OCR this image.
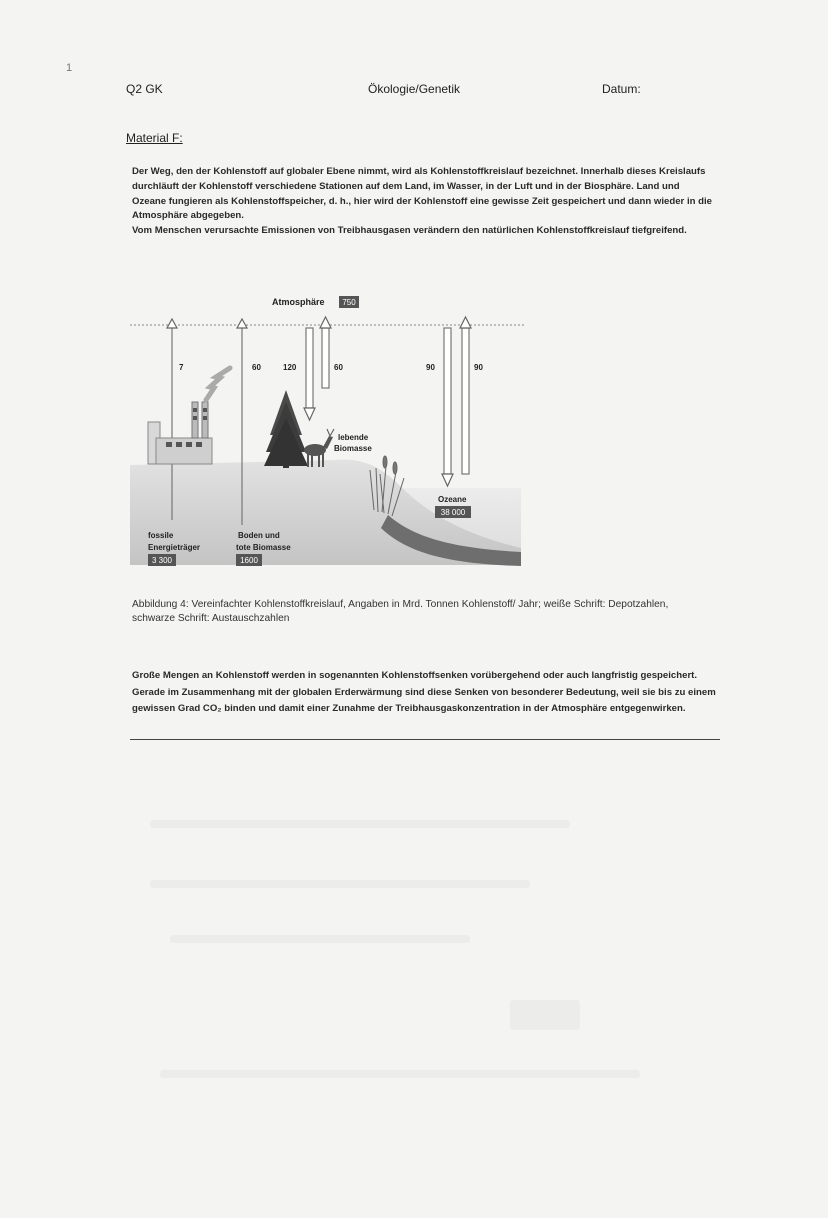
1
Q2 GK	Ökologie/Genetik	Datum:
Material F:

Der Weg, den der Kohlenstoff auf globaler Ebene nimmt, wird als Kohlenstoffkreislauf bezeichnet. Innerhalb dieses Kreislaufs durchläuft der Kohlenstoff verschiedene Stationen auf dem Land, im Wasser, in der Luft und in der Biosphäre. Land und Ozeane fungieren als Kohlenstoffspeicher, d. h., hier wird der Kohlenstoff eine gewisse Zeit gespeichert und dann wieder in die Atmosphäre abgegeben.

Vom Menschen verursachte Emissionen von Treibhausgasen verändern den natürlichen Kohlenstoffkreislauf tiefgreifend.

Atmosphäre 750
7	60	120	60	90	90
lebende
Biomasse
Ozeane
38 000
fossile
Energieträger
3 300
Boden und
tote Biomasse
1600
Abbildung 4: Vereinfachter Kohlenstoffkreislauf, Angaben in Mrd. Tonnen Kohlenstoff/ Jahr; weiße Schrift: Depotzahlen, schwarze Schrift: Austauschzahlen
Große Mengen an Kohlenstoff werden in sogenannten Kohlenstoffsenken vorübergehend oder auch langfristig gespeichert. Gerade im Zusammenhang mit der globalen Erderwärmung sind diese Senken von besonderer Bedeutung, weil sie bis zu einem gewissen Grad CO₂ binden und damit einer Zunahme der Treibhausgaskonzentration in der Atmosphäre entgegenwirken.
